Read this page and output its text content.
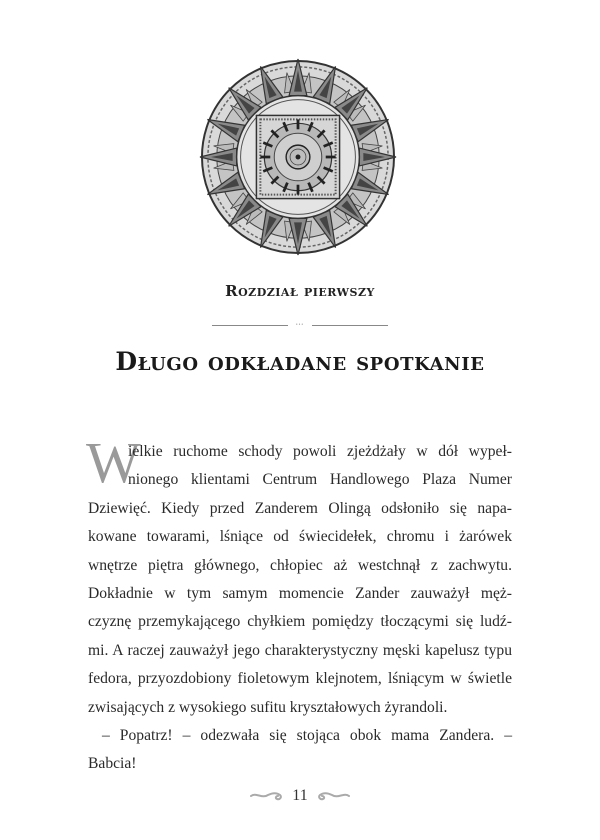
Rozdział pierwszy
•••
Długo odkładane spotkanie
W
ielkie ruchome schody powoli zjeżdżały w dół wypeł-
nionego klientami Centrum Handlowego Plaza Numer
Dziewięć. Kiedy przed Zanderem Olingą odsłoniło się napa-
kowane towarami, lśniące od świecidełek, chromu i żarówek
wnętrze piętra głównego, chłopiec aż westchnął z zachwytu.
Dokładnie w tym samym momencie Zander zauważył męż-
czyznę przemykającego chyłkiem pomiędzy tłoczącymi się ludź-
mi. A raczej zauważył jego charakterystyczny męski kapelusz typu
fedora, przyozdobiony fioletowym klejnotem, lśniącym w świetle
zwisających z wysokiego sufitu kryształowych żyrandoli.
– Popatrz! – odezwała się stojąca obok mama Zandera. –
Babcia!
11
